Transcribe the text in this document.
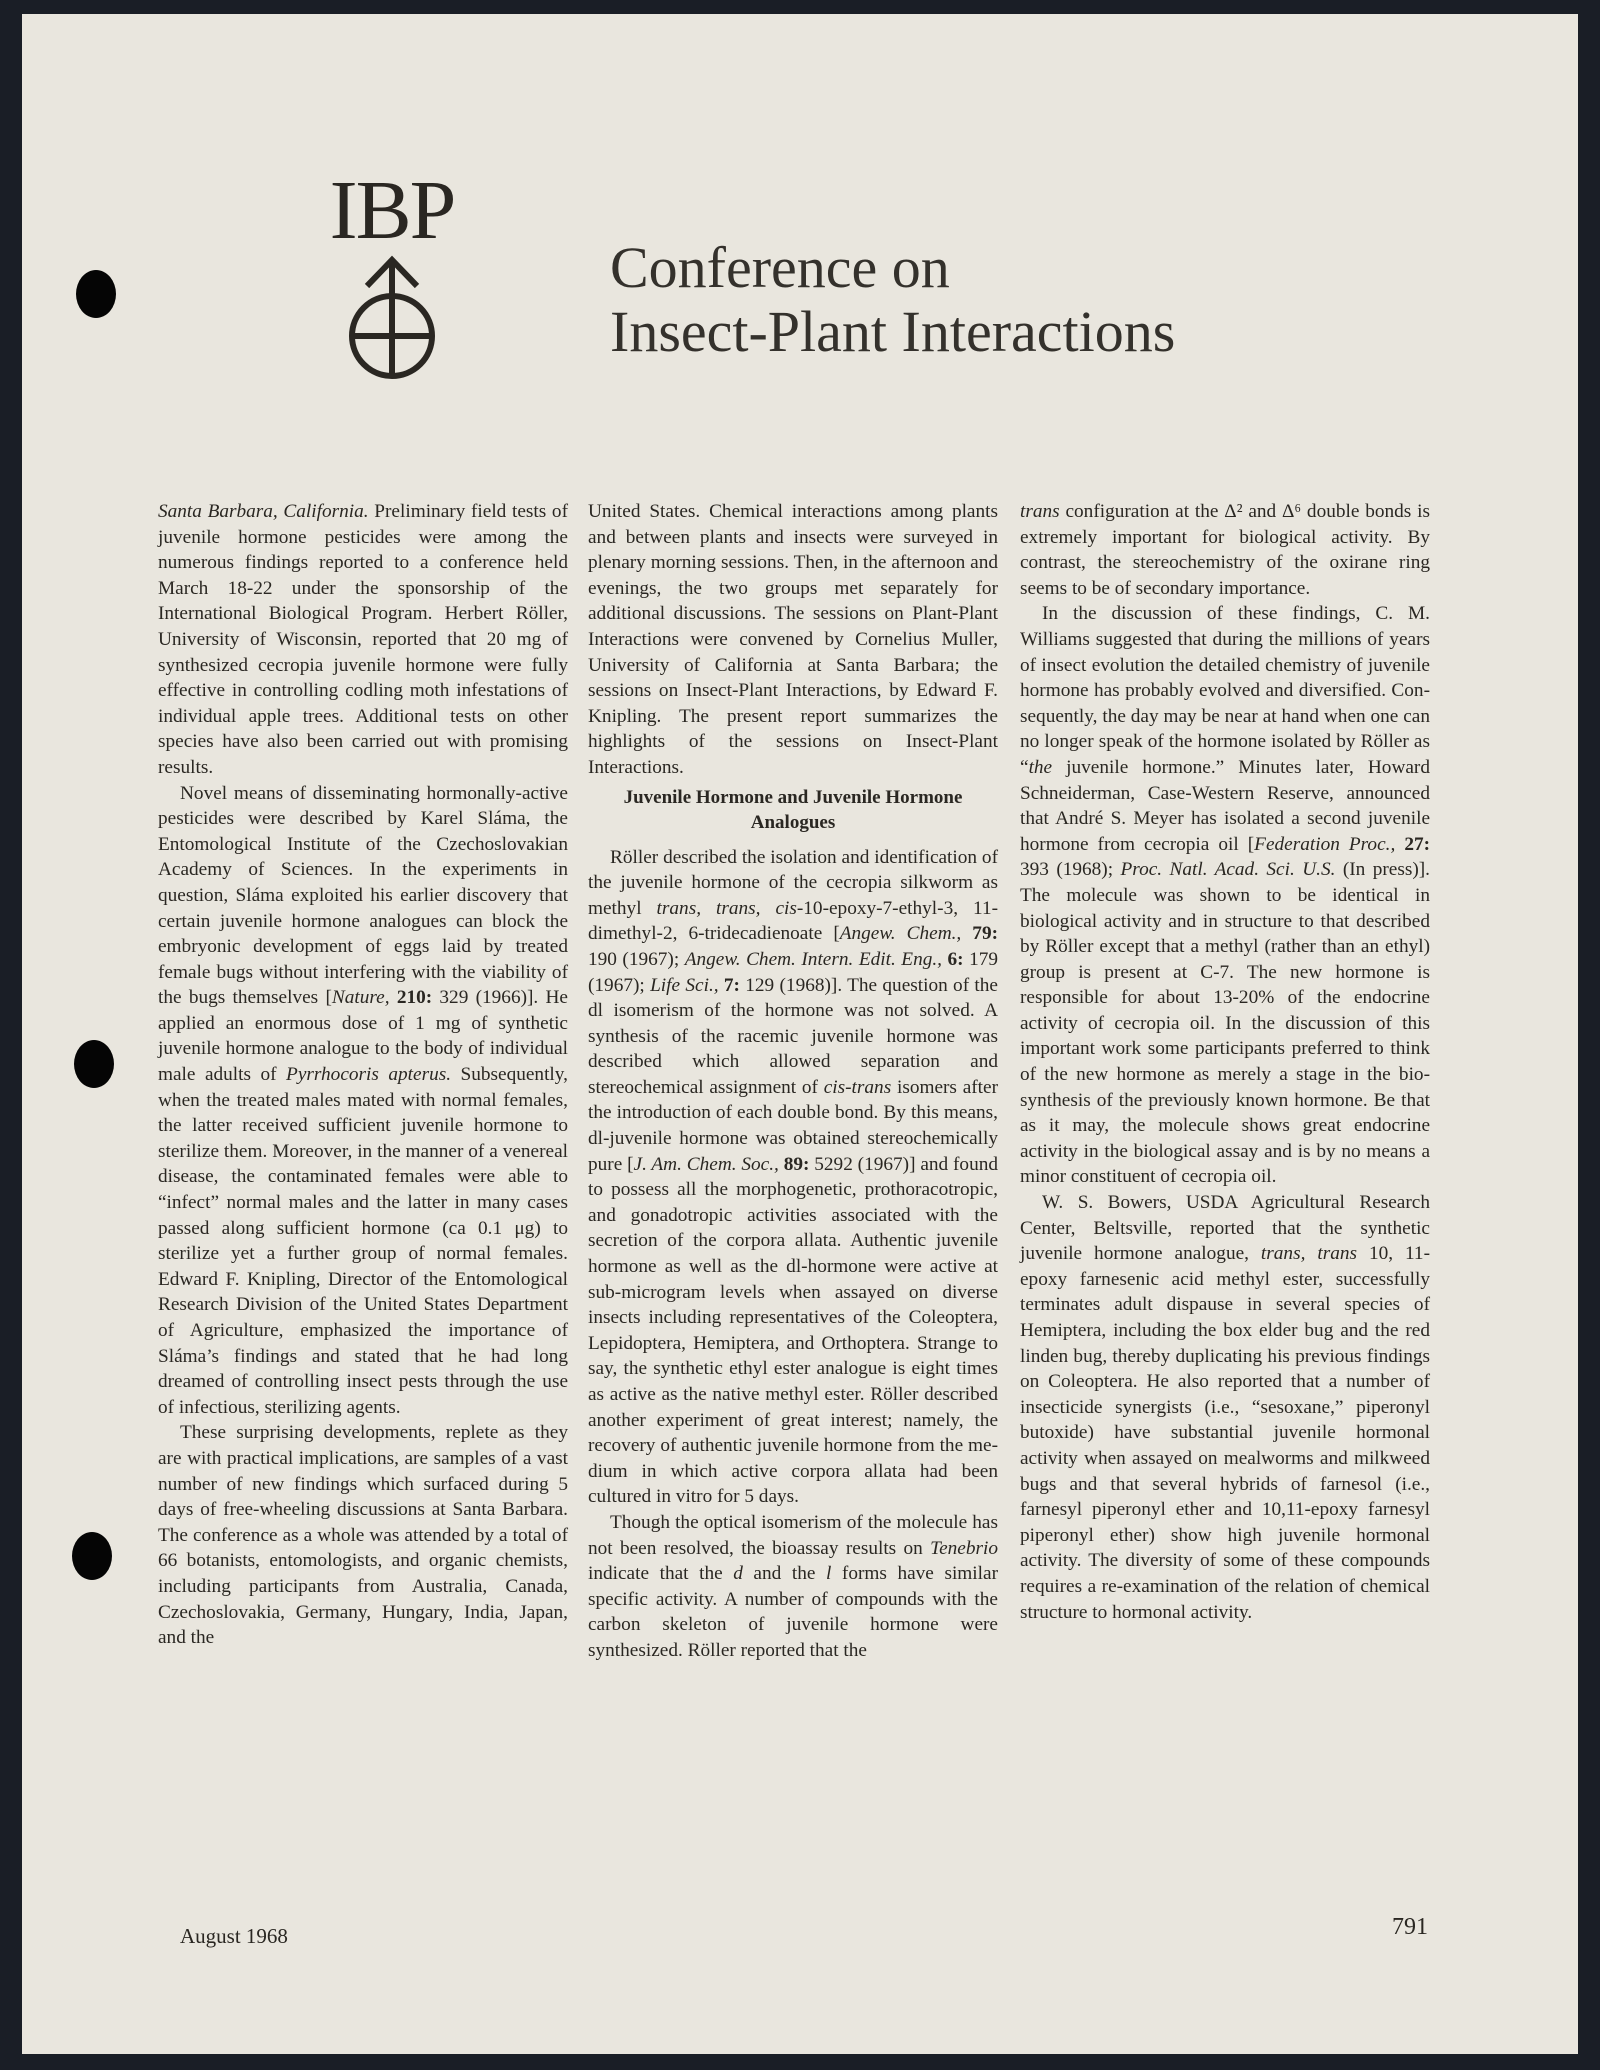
IBP
Conference on
Insect-Plant Interactions

Santa Barbara, California. Preliminary field tests of juvenile hormone pesticides were among the numerous findings reported to a conference held March 18-22 under the sponsorship of the International Biological Program. Herbert Röller, University of Wisconsin, reported that 20 mg of synthesized cecropia juvenile hormone were fully effective in controlling codling moth infestations of individual apple trees. Additional tests on other species have also been carried out with promising results.

Novel means of disseminating hormonally-active pesticides were described by Karel Sláma, the Entomological Institute of the Czechoslovakian Academy of Sciences. In the experiments in question, Sláma exploited his earlier discovery that certain juvenile hormone analogues can block the embryonic development of eggs laid by treated female bugs without interfering with the viability of the bugs themselves [Nature, 210: 329 (1966)]. He applied an enormous dose of 1 mg of synthetic juvenile hormone analogue to the body of individual male adults of Pyrrhocoris apterus. Subsequently, when the treated males mated with normal females, the latter received sufficient juvenile hormone to sterilize them. Moreover, in the manner of a venereal disease, the contaminated females were able to “infect” normal males and the latter in many cases passed along sufficient hormone (ca 0.1 μg) to sterilize yet a further group of normal females. Edward F. Knipling, Director of the Entomological Research Division of the United States Department of Agriculture, emphasized the importance of Sláma’s findings and stated that he had long dreamed of controlling insect pests through the use of infectious, sterilizing agents.

These surprising developments, replete as they are with practical implications, are samples of a vast number of new findings which surfaced during 5 days of free-wheeling discussions at Santa Barbara. The conference as a whole was attended by a total of 66 botanists, entomologists, and organic chemists, including participants from Australia, Canada, Czechoslovakia, Germany, Hungary, India, Japan, and the

United States. Chemical interactions among plants and between plants and insects were surveyed in plenary morning sessions. Then, in the afternoon and evenings, the two groups met separately for additional discussions. The sessions on Plant-Plant Interactions were convened by Cornelius Muller, University of California at Santa Barbara; the sessions on Insect-Plant Interactions, by Edward F. Knipling. The present report summarizes the highlights of the sessions on Insect-Plant Interactions.

Juvenile Hormone and Juvenile Hormone Analogues

Röller described the isolation and identification of the juvenile hormone of the cecropia silkworm as methyl trans, trans, cis-10-epoxy-7-ethyl-3, 11-dimethyl-2, 6-tridecadienoate [Angew. Chem., 79: 190 (1967); Angew. Chem. Intern. Edit. Eng., 6: 179 (1967); Life Sci., 7: 129 (1968)]. The question of the dl isomerism of the hormone was not solved. A synthesis of the racemic juvenile hormone was described which allowed separation and stereochemical assignment of cis-trans isomers after the introduction of each double bond. By this means, dl-juvenile hormone was obtained stereochemically pure [J. Am. Chem. Soc., 89: 5292 (1967)] and found to possess all the morphogenetic, prothoracotropic, and gonadotropic activities associated with the secretion of the corpora allata. Authentic juvenile hormone as well as the dl-hormone were active at sub-microgram levels when assayed on diverse insects including representatives of the Coleoptera, Lepidoptera, Hemiptera, and Orthoptera. Strange to say, the synthetic ethyl ester analogue is eight times as active as the native methyl ester. Röller described another experiment of great interest; namely, the recovery of authentic juvenile hormone from the medium in which active corpora allata had been cultured in vitro for 5 days.

Though the optical isomerism of the molecule has not been resolved, the bioassay results on Tenebrio indicate that the d and the l forms have similar specific activity. A number of compounds with the carbon skeleton of juvenile hormone were synthesized. Röller reported that the

trans configuration at the Δ² and Δ⁶ double bonds is extremely important for biological activity. By contrast, the stereochemistry of the oxirane ring seems to be of secondary importance.

In the discussion of these findings, C. M. Williams suggested that during the millions of years of insect evolution the detailed chemistry of juvenile hormone has probably evolved and diversified. Consequently, the day may be near at hand when one can no longer speak of the hormone isolated by Röller as “the juvenile hormone.” Minutes later, Howard Schneiderman, Case-Western Reserve, announced that André S. Meyer has isolated a second juvenile hormone from cecropia oil [Federation Proc., 27: 393 (1968); Proc. Natl. Acad. Sci. U.S. (In press)]. The molecule was shown to be identical in biological activity and in structure to that described by Röller except that a methyl (rather than an ethyl) group is present at C-7. The new hormone is responsible for about 13-20% of the endocrine activity of cecropia oil. In the discussion of this important work some participants preferred to think of the new hormone as merely a stage in the biosynthesis of the previously known hormone. Be that as it may, the molecule shows great endocrine activity in the biological assay and is by no means a minor constituent of cecropia oil.

W. S. Bowers, USDA Agricultural Research Center, Beltsville, reported that the synthetic juvenile hormone analogue, trans, trans 10, 11-epoxy farnesenic acid methyl ester, successfully terminates adult dispause in several species of Hemiptera, including the box elder bug and the red linden bug, thereby duplicating his previous findings on Coleoptera. He also reported that a number of insecticide synergists (i.e., “sesoxane,” piperonyl butoxide) have substantial juvenile hormonal activity when assayed on mealworms and milkweed bugs and that several hybrids of farnesol (i.e., farnesyl piperonyl ether and 10,11-epoxy farnesyl piperonyl ether) show high juvenile hormonal activity. The diversity of some of these compounds requires a re-examination of the relation of chemical structure to hormonal activity.

August 1968	791
